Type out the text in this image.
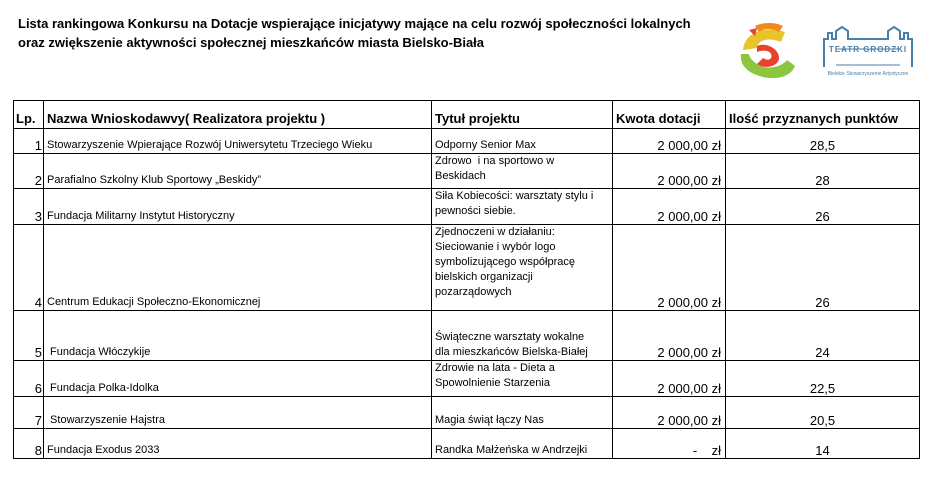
Lista rankingowa Konkursu na Dotacje wspierające inicjatywy mające na celu rozwój społeczności lokalnych
oraz zwiększenie aktywności społecznej mieszkańców miasta Bielsko-Biała	TEATR GRODZKI
Bielskie Stowarzyszenie Artystyczne
Lp.	Nazwa Wnioskodawvy( Realizatora projektu )	Tytuł projektu	Kwota dotacji	Ilość przyznanych punktów
1	Stowarzyszenie Wpierające Rozwój Uniwersytetu Trzeciego Wieku	Odporny Senior Max	2 000,00 zł	28,5
2	Parafialno Szkolny Klub Sportowy „Beskidy”	Zdrowo  i na sportowo w
Beskidach	2 000,00 zł	28
3	Fundacja Militarny Instytut Historyczny	Siła Kobiecości: warsztaty stylu i
pewności siebie.	2 000,00 zł	26
4	Centrum Edukacji Społeczno-Ekonomicznej	Zjednoczeni w działaniu:
Sieciowanie i wybór logo
symbolizującego współpracę
bielskich organizacji
pozarządowych	2 000,00 zł	26
5	Fundacja Włóczykije	Świąteczne warsztaty wokalne
dla mieszkańców Bielska-Białej	2 000,00 zł	24
6	Fundacja Polka-Idolka	Zdrowie na lata - Dieta a
Spowolnienie Starzenia	2 000,00 zł	22,5
7	Stowarzyszenie Hajstra	Magia świąt łączy Nas	2 000,00 zł	20,5
8	Fundacja Exodus 2033	Randka Małżeńska w Andrzejki	-    zł	14
